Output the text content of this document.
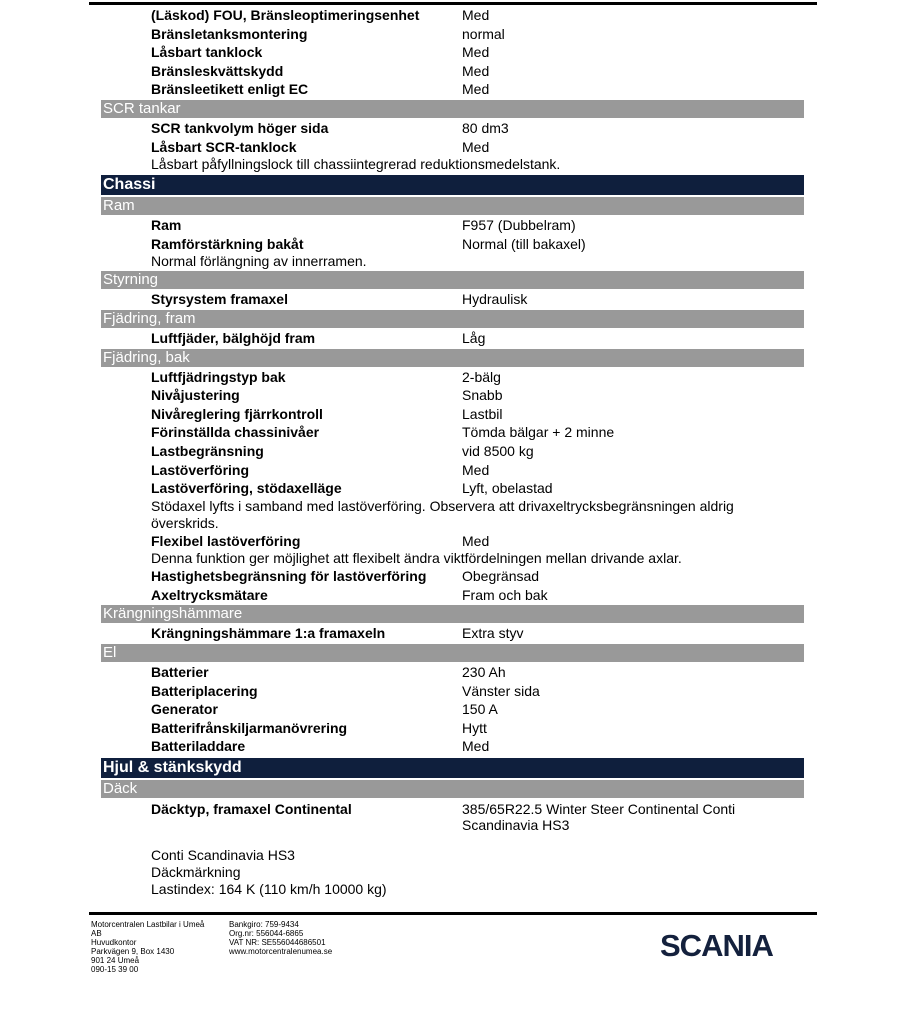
(Läskod) FOU, Bränsleoptimeringsenhet	Med
Bränsletanksmontering	normal
Låsbart tanklock	Med
Bränsleskvättskydd	Med
Bränsleetikett enligt EC	Med
SCR tankar
SCR tankvolym höger sida	80 dm3
Låsbart SCR-tanklock	Med
Låsbart påfyllningslock till chassiintegrerad reduktionsmedelstank.
Chassi
Ram
Ram	F957 (Dubbelram)
Ramförstärkning bakåt	Normal (till bakaxel)
Normal förlängning av innerramen.
Styrning
Styrsystem framaxel	Hydraulisk
Fjädring, fram
Luftfjäder, bälghöjd fram	Låg
Fjädring, bak
Luftfjädringstyp bak	2-bälg
Nivåjustering	Snabb
Nivåreglering fjärrkontroll	Lastbil
Förinställda chassinivåer	Tömda bälgar + 2 minne
Lastbegränsning	vid 8500 kg
Lastöverföring	Med
Lastöverföring, stödaxelläge	Lyft, obelastad
Stödaxel lyfts i samband med lastöverföring. Observera att drivaxeltrycksbegränsningen aldrig överskrids.
Flexibel lastöverföring	Med
Denna funktion ger möjlighet att flexibelt ändra viktfördelningen mellan drivande axlar.
Hastighetsbegränsning för lastöverföring	Obegränsad
Axeltrycksmätare	Fram och bak
Krängningshämmare
Krängningshämmare 1:a framaxeln	Extra styv
El
Batterier	230 Ah
Batteriplacering	Vänster sida
Generator	150 A
Batterifrånskiljarmanövrering	Hytt
Batteriladdare	Med
Hjul & stänkskydd
Däck
Däcktyp, framaxel Continental	385/65R22.5 Winter Steer Continental Conti Scandinavia HS3
Conti Scandinavia HS3
Däckmärkning
Lastindex: 164 K (110 km/h 10000 kg)
Motorcentralen Lastbilar i Umeå
AB
Huvudkontor
Parkvägen 9, Box 1430
901 24 Umeå
090-15 39 00
Bankgiro: 759-9434
Org.nr: 556044-6865
VAT NR: SE556044686501
www.motorcentralenumea.se	SCANIA
